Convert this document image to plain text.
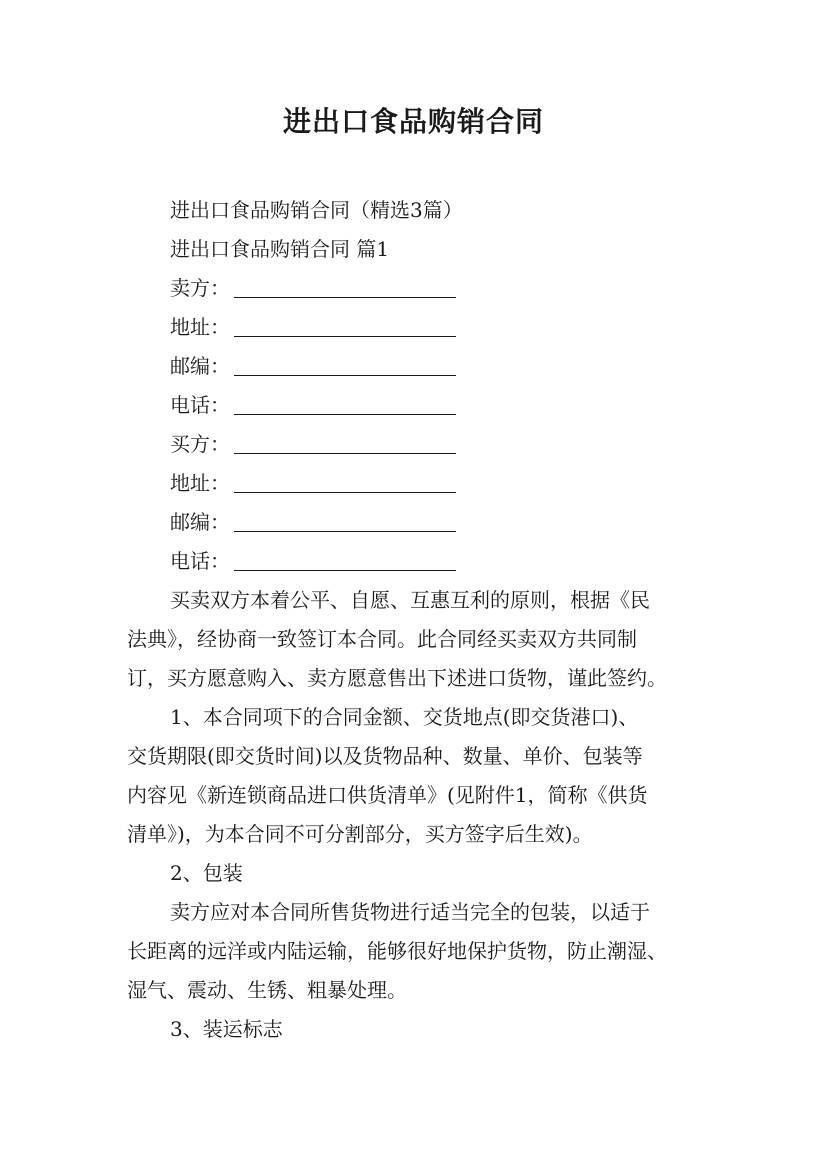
进出口食品购销合同
进出口食品购销合同（精选3篇）
进出口食品购销合同 篇1
卖方：
地址：
邮编：
电话：
买方：
地址：
邮编：
电话：
买卖双方本着公平、自愿、互惠互利的原则，根据《民
法典》，经协商一致签订本合同。此合同经买卖双方共同制
订，买方愿意购入、卖方愿意售出下述进口货物，谨此签约。
1、本合同项下的合同金额、交货地点(即交货港口)、
交货期限(即交货时间)以及货物品种、数量、单价、包装等
内容见《新连锁商品进口供货清单》(见附件1，简称《供货
清单》)，为本合同不可分割部分，买方签字后生效)。
2、包装
卖方应对本合同所售货物进行适当完全的包装，以适于
长距离的远洋或内陆运输，能够很好地保护货物，防止潮湿、
湿气、震动、生锈、粗暴处理。
3、装运标志
